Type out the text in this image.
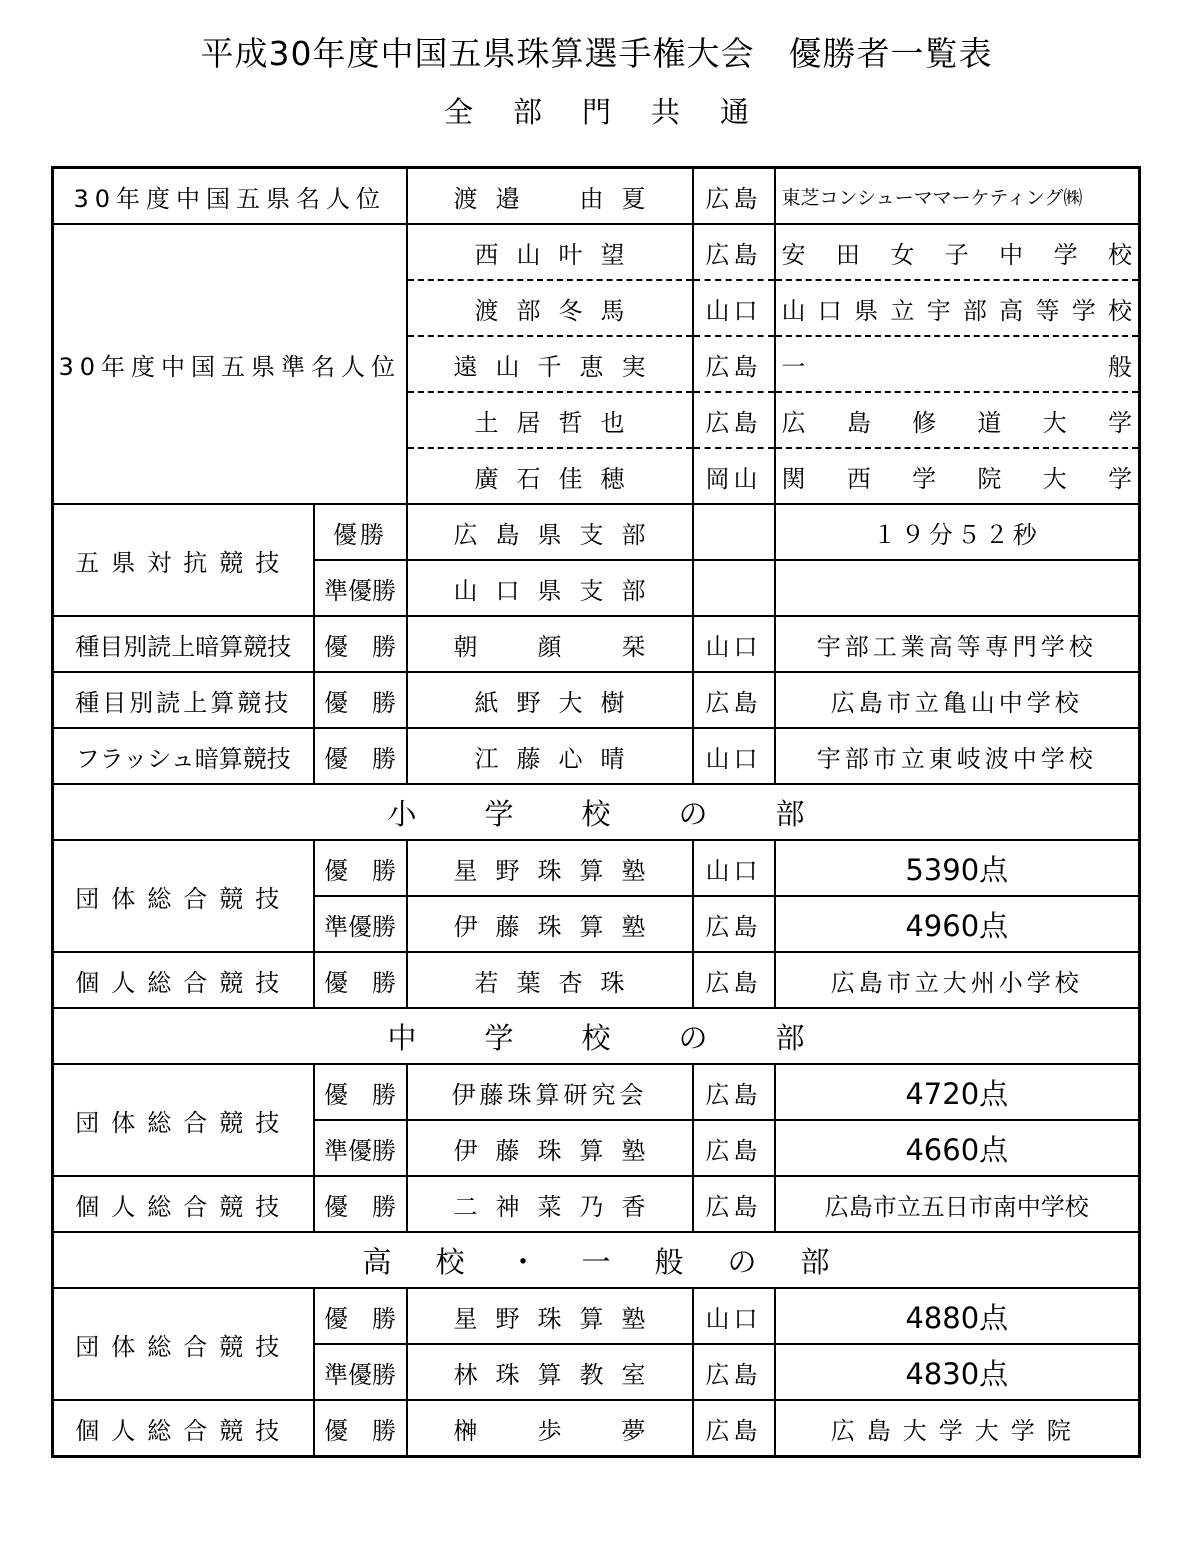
平成30年度中国五県珠算選手権大会　優勝者一覧表
全部門共通
30年度中国五県名人位		渡邉　由夏	広島	東芝コンシューママーケティング㈱
30年度中国五県準名人位		西山叶望	広島	安田女子中学校
		渡部冬馬	山口	山口県立宇部高等学校
		遠山千恵実	広島	一　般
		土居哲也	広島	広島修道大学
		廣石佳穂	岡山	関西学院大学
五県対抗競技	優勝	広島県支部		１９分５２秒
	準優勝	山口県支部		
種目別読上暗算競技	優　勝	朝　顔　栞	山口	宇部工業高等専門学校
種目別読上算競技	優　勝	紙野大樹	広島	広島市立亀山中学校
フラッシュ暗算競技	優　勝	江藤心晴	山口	宇部市立東岐波中学校
小学校の部				
団体総合競技	優　勝	星野珠算塾	山口	5390点
	準優勝	伊藤珠算塾	広島	4960点
個人総合競技	優　勝	若葉杏珠	広島	広島市立大州小学校
中学校の部				
団体総合競技	優　勝	伊藤珠算研究会	広島	4720点
	準優勝	伊藤珠算塾	広島	4660点
個人総合競技	優　勝	二神菜乃香	広島	広島市立五日市南中学校
高校・一般の部				
団体総合競技	優　勝	星野珠算塾	山口	4880点
	準優勝	林珠算教室	広島	4830点
個人総合競技	優　勝	榊　歩　夢	広島	広島大学大学院
